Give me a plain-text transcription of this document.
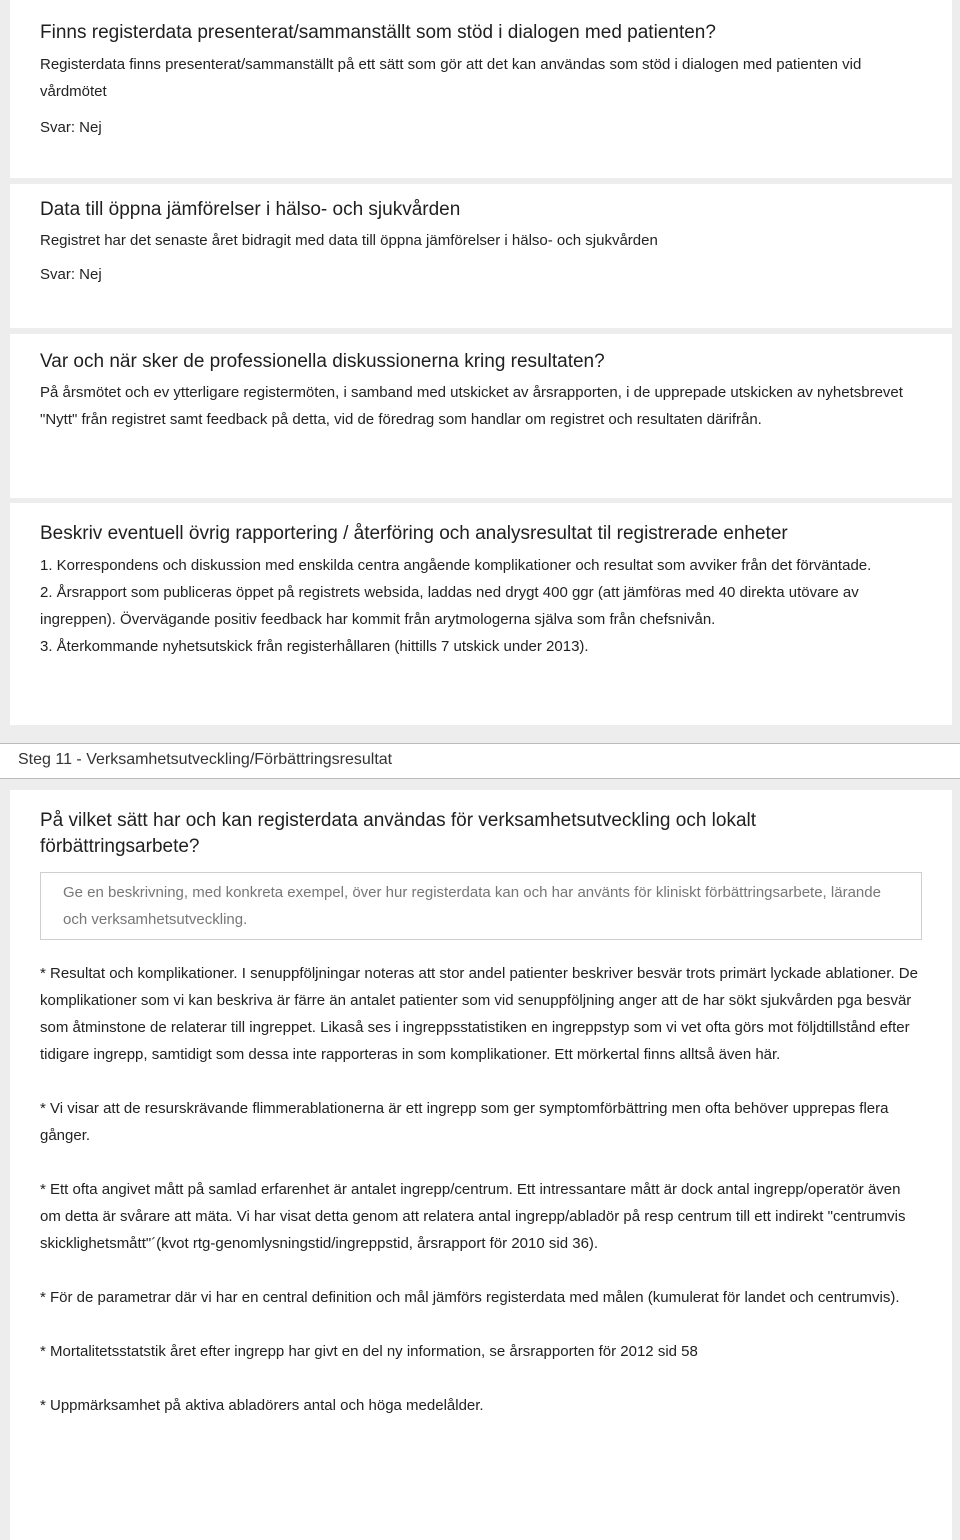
Finns registerdata presenterat/sammanställt som stöd i dialogen med patienten?

Registerdata finns presenterat/sammanställt på ett sätt som gör att det kan användas som stöd i dialogen med patienten vid vårdmötet

Svar: Nej

Data till öppna jämförelser i hälso- och sjukvården

Registret har det senaste året bidragit med data till öppna jämförelser i hälso- och sjukvården

Svar: Nej

Var och när sker de professionella diskussionerna kring resultaten?

På årsmötet och ev ytterligare registermöten, i samband med utskicket av årsrapporten, i de upprepade utskicken av nyhetsbrevet "Nytt" från registret samt feedback på detta, vid de föredrag som handlar om registret och resultaten därifrån.

Beskriv eventuell övrig rapportering / återföring och analysresultat til registrerade enheter

1. Korrespondens och diskussion med enskilda centra angående komplikationer och resultat som avviker från det förväntade.

2. Årsrapport som publiceras öppet på registrets websida, laddas ned drygt 400 ggr (att jämföras med 40 direkta utövare av ingreppen). Övervägande positiv feedback har kommit från arytmologerna själva som från chefsnivån.

3. Återkommande nyhetsutskick från registerhållaren (hittills 7 utskick under 2013).

Steg 11 - Verksamhetsutveckling/Förbättringsresultat
På vilket sätt har och kan registerdata användas för verksamhetsutveckling och lokalt förbättringsarbete?

Ge en beskrivning, med konkreta exempel, över hur registerdata kan och har använts för kliniskt förbättringsarbete, lärande och verksamhetsutveckling.

* Resultat och komplikationer. I senuppföljningar noteras att stor andel patienter beskriver besvär trots primärt lyckade ablationer. De komplikationer som vi kan beskriva är färre än antalet patienter som vid senuppföljning anger att de har sökt sjukvården pga besvär som åtminstone de relaterar till ingreppet. Likaså ses i ingreppsstatistiken en ingreppstyp som vi vet ofta görs mot följdtillstånd efter tidigare ingrepp, samtidigt som dessa inte rapporteras in som komplikationer. Ett mörkertal finns alltså även här.

* Vi visar att de resurskrävande flimmerablationerna är ett ingrepp som ger symptomförbättring men ofta behöver upprepas flera gånger.

* Ett ofta angivet mått på samlad erfarenhet är antalet ingrepp/centrum. Ett intressantare mått är dock antal ingrepp/operatör även om detta är svårare att mäta. Vi har visat detta genom att relatera antal ingrepp/abladör på resp centrum till ett indirekt "centrumvis skicklighetsmått"´(kvot rtg-genomlysningstid/ingreppstid, årsrapport för 2010 sid 36).

* För de parametrar där vi har en central definition och mål jämförs registerdata med målen (kumulerat för landet och centrumvis).

* Mortalitetsstatstik året efter ingrepp har givt en del ny information, se årsrapporten för 2012 sid 58

* Uppmärksamhet på aktiva abladörers antal och höga medelålder.
